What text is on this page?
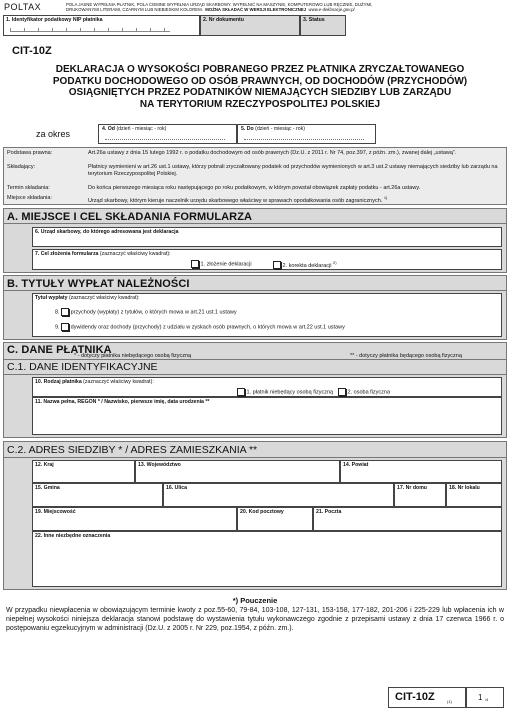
POLTAX	POLA JASNE WYPEŁNIA PŁATNIK, POLA CIEMNE WYPEŁNIA URZĄD SKARBOWY. WYPEŁNIĆ NA MASZYNIE, KOMPUTEROWO LUB RĘCZNIE, DUŻYMI,
DRUKOWANYMI LITERAMI, CZARNYM LUB NIEBIESKIM KOLOREM. MOŻNA SKŁADAĆ W WERSJI ELEKTRONICZNEJ www.e-deklaracje.gov.pl
1. Identyfikator podatkowy NIP płatnika	2. Nr dokumentu	3. Status
CIT-10Z
DEKLARACJA O WYSOKOŚCI POBRANEGO PRZEZ PŁATNIKA ZRYCZAŁTOWANEGO
PODATKU DOCHODOWEGO OD OSÓB PRAWNYCH, OD DOCHODÓW (PRZYCHODÓW)
OSIĄGNIĘTYCH PRZEZ PODATNIKÓW NIEMAJĄCYCH SIEDZIBY LUB ZARZĄDU
NA TERYTORIUM RZECZYPOSPOLITEJ POLSKIEJ
za okres	4. Od (dzień - miesiąc - rok)	5. Do (dzień - miesiąc - rok)
Podstawa prawna:	Art.26a ustawy z dnia 15 lutego 1992 r. o podatku dochodowym od osób prawnych (Dz.U. z 2011 r. Nr 74, poz.397, z późn. zm.), zwanej dalej „ustawą”.
Składający:	Płatnicy wymienieni w art.26 ust.1 ustawy, którzy pobrali zryczałtowany podatek od przychodów wymienionych w art.3 ust.2 ustawy niemających siedziby lub zarządu na terytorium Rzeczypospolitej Polskiej.
Termin składania:	Do końca pierwszego miesiąca roku następującego po roku podatkowym, w którym powstał obowiązek zapłaty podatku - art.26a ustawy.
Miejsce składania:	Urząd skarbowy, którym kieruje naczelnik urzędu skarbowego właściwy w sprawach opodatkowania osób zagranicznych. $^{1)}$
A. MIEJSCE I CEL SKŁADANIA FORMULARZA
6. Urząd skarbowy, do którego adresowana jest deklaracja
7. Cel złożenia formularza (zaznaczyć właściwy kwadrat):
1. złożenie deklaracji	2. korekta deklaracji $^{2)}$
B. TYTUŁY WYPŁAT NALEŻNOŚCI
Tytuł wypłaty (zaznaczyć właściwy kwadrat):
8. przychody (wypłaty) z tytułów, o których mowa w art.21 ust.1 ustawy
9. dywidendy oraz dochody (przychody) z udziału w zyskach osób prawnych, o których mowa w art.22 ust.1 ustawy
C. DANE PŁATNIKA
* - dotyczy płatnika niebędącego osobą fizyczną	** - dotyczy płatnika będącego osobą fizyczną
C.1. DANE IDENTYFIKACYJNE
10. Rodzaj płatnika (zaznaczyć właściwy kwadrat):
1. płatnik niebędący osobą fizyczną	2. osoba fizyczna
11. Nazwa pełna, REGON * / Nazwisko, pierwsze imię, data urodzenia **
C.2. ADRES SIEDZIBY * / ADRES ZAMIESZKANIA **
12. Kraj	13. Województwo	14. Powiat
15. Gmina	16. Ulica	17. Nr domu	18. Nr lokalu
19. Miejscowość	20. Kod pocztowy	21. Poczta
22. Inne niezbędne oznaczenia
*) Pouczenie
W przypadku niewpłacenia w obowiązującym terminie kwoty z poz.55-60, 79-84, 103-108, 127-131, 153-158, 177-182, 201-206 i 225-229 lub wpłacenia ich w niepełnej wysokości niniejsza deklaracja stanowi podstawę do wystawienia tytułu wykonawczego zgodnie z przepisami ustawy z dnia 17 czerwca 1966 r. o postępowaniu egzekucyjnym w administracji (Dz.U. z 2005 r. Nr 229, poz.1954, z późn. zm.).
CIT-10Z	(1)	1 /4
